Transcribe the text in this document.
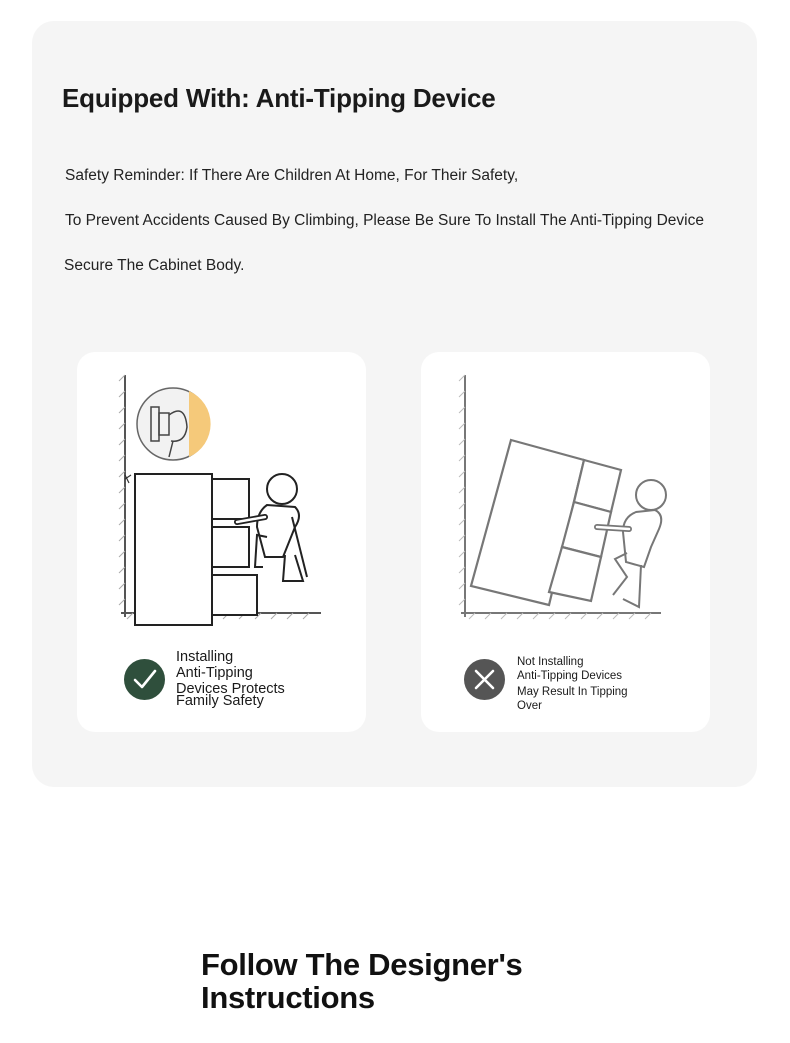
Equipped With: Anti-Tipping Device

Safety Reminder: If There Are Children At Home, For Their Safety,

To Prevent Accidents Caused By Climbing, Please Be Sure To Install The Anti-Tipping Device

Secure The Cabinet Body.

Installing
Anti-Tipping
Devices Protects
Family Safety

Not Installing
Anti-Tipping Devices
May Result In Tipping
Over

Follow The Designer's
Instructions
